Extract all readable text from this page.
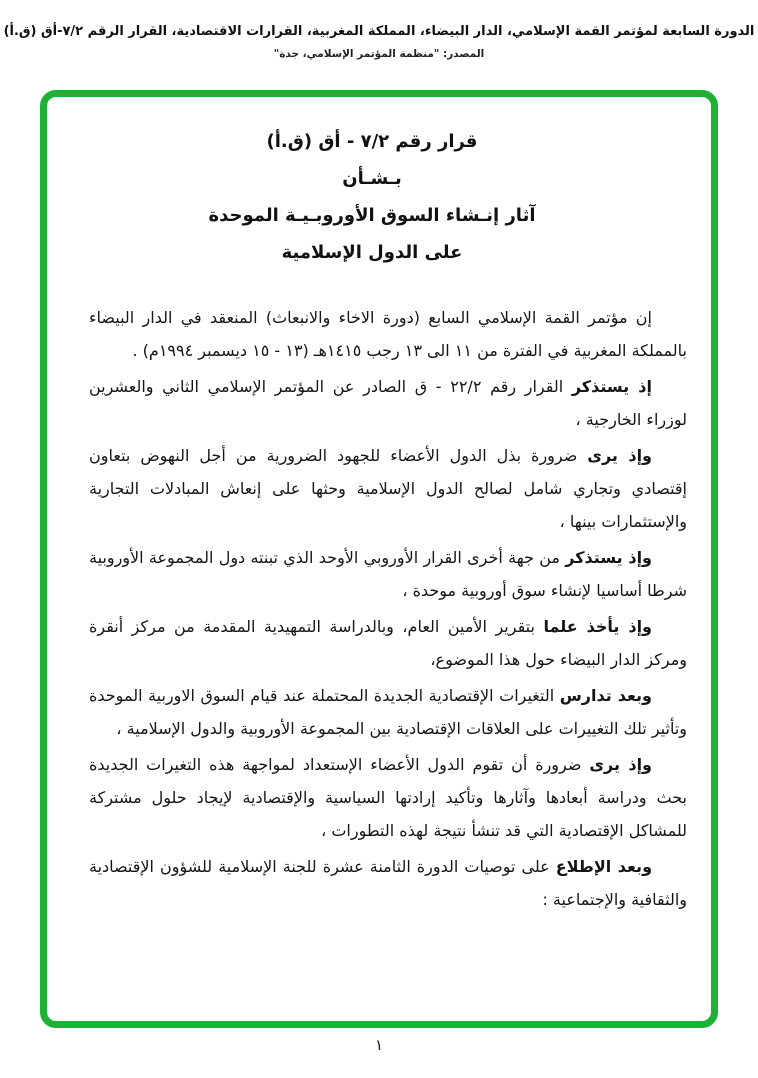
الدورة السابعة لمؤتمر القمة الإسلامي، الدار البيضاء، المملكة المغربية، القرارات الاقتصادية، القرار الرقم ٧/٢-أق (ق.أ)
المصدر: "منظمة المؤتمر الإسلامي، جدة"
قرار رقم ٧/٢ - أق (ق.أ)
بـشـأن
آثار إنـشاء السوق الأوروبـيـة الموحدة
على الدول الإسلامية

إن مؤتمر القمة الإسلامي السابع (دورة الاخاء والانبعاث) المنعقد في الدار البيضاء بالمملكة المغربية في الفترة من ١١ الى ١٣ رجب ١٤١٥هـ (١٣ - ١٥ ديسمبر ١٩٩٤م) .

إذ يستذكر القرار رقم ٢٢/٢ - ق الصادر عن المؤتمر الإسلامي الثاني والعشرين لوزراء الخارجية ،

وإذ يرى ضرورة بذل الدول الأعضاء للجهود الضرورية من أجل النهوض بتعاون إقتصادي وتجاري شامل لصالح الدول الإسلامية وحثها على إنعاش المبادلات التجارية والإستثمارات بينها ،

وإذ يستذكر من جهة أخرى القرار الأوروبي الأوحد الذي تبنته دول المجموعة الأوروبية شرطا أساسيا لإنشاء سوق أوروبية موحدة ،

وإذ يأخذ علما بتقرير الأمين العام، وبالدراسة التمهيدية المقدمة من مركز أنقرة ومركز الدار البيضاء حول هذا الموضوع،

وبعد تدارس التغيرات الإقتصادية الجديدة المحتملة عند قيام السوق الاوربية الموحدة وتأثير تلك التغييرات على العلاقات الإقتصادية بين المجموعة الأوروبية والدول الإسلامية ،

وإذ يرى ضرورة أن تقوم الدول الأعضاء الإستعداد لمواجهة هذه التغيرات الجديدة بحث ودراسة أبعادها وآثارها وتأكيد إرادتها السياسية والإقتصادية لإيجاد حلول مشتركة للمشاكل الإقتصادية التي قد تنشأ نتيجة لهذه التطورات ،

وبعد الإطلاع على توصيات الدورة الثامنة عشرة للجنة الإسلامية للشؤون الإقتصادية والثقافية والإجتماعية :

١
